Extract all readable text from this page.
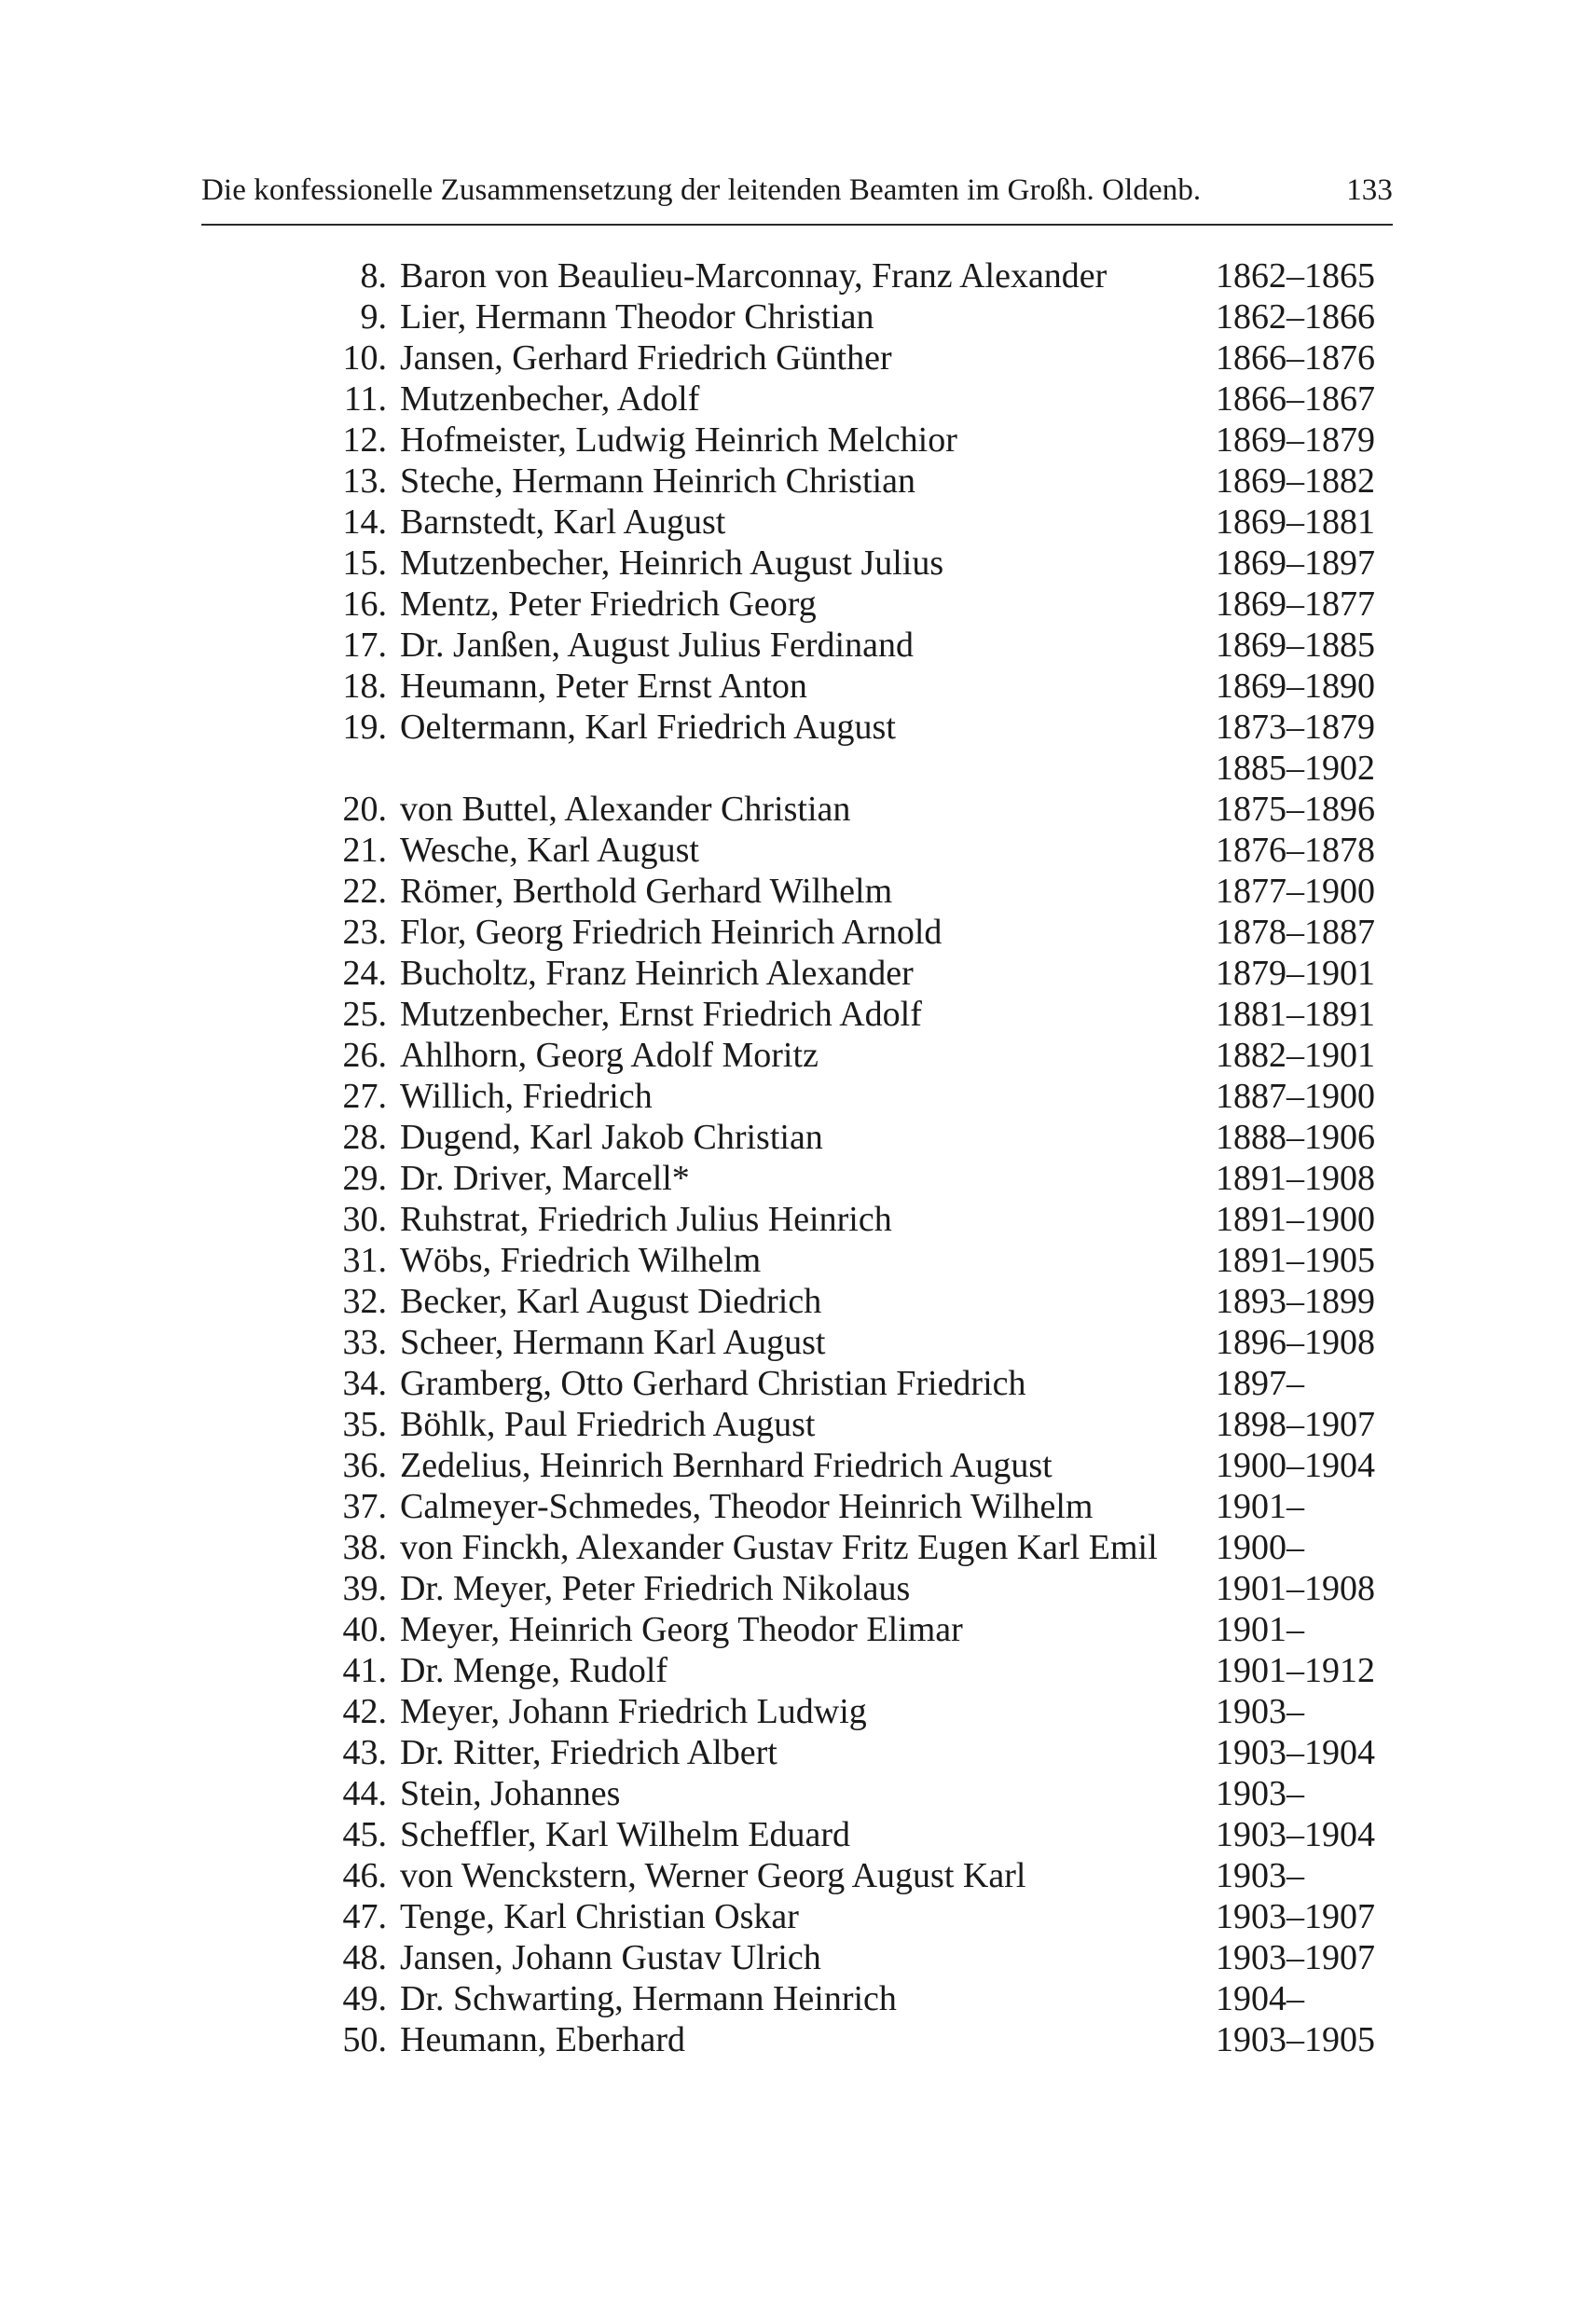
Die konfessionelle Zusammensetzung der leitenden Beamten im Großh. Oldenb.	133
8. Baron von Beaulieu-Marconnay, Franz Alexander	1862–1865
9. Lier, Hermann Theodor Christian	1862–1866
10. Jansen, Gerhard Friedrich Günther	1866–1876
11. Mutzenbecher, Adolf	1866–1867
12. Hofmeister, Ludwig Heinrich Melchior	1869–1879
13. Steche, Hermann Heinrich Christian	1869–1882
14. Barnstedt, Karl August	1869–1881
15. Mutzenbecher, Heinrich August Julius	1869–1897
16. Mentz, Peter Friedrich Georg	1869–1877
17. Dr. Janßen, August Julius Ferdinand	1869–1885
18. Heumann, Peter Ernst Anton	1869–1890
19. Oeltermann, Karl Friedrich August	1873–1879
1885–1902
20. von Buttel, Alexander Christian	1875–1896
21. Wesche, Karl August	1876–1878
22. Römer, Berthold Gerhard Wilhelm	1877–1900
23. Flor, Georg Friedrich Heinrich Arnold	1878–1887
24. Bucholtz, Franz Heinrich Alexander	1879–1901
25. Mutzenbecher, Ernst Friedrich Adolf	1881–1891
26. Ahlhorn, Georg Adolf Moritz	1882–1901
27. Willich, Friedrich	1887–1900
28. Dugend, Karl Jakob Christian	1888–1906
29. Dr. Driver, Marcell*	1891–1908
30. Ruhstrat, Friedrich Julius Heinrich	1891–1900
31. Wöbs, Friedrich Wilhelm	1891–1905
32. Becker, Karl August Diedrich	1893–1899
33. Scheer, Hermann Karl August	1896–1908
34. Gramberg, Otto Gerhard Christian Friedrich	1897–
35. Böhlk, Paul Friedrich August	1898–1907
36. Zedelius, Heinrich Bernhard Friedrich August	1900–1904
37. Calmeyer-Schmedes, Theodor Heinrich Wilhelm	1901–
38. von Finckh, Alexander Gustav Fritz Eugen Karl Emil	1900–
39. Dr. Meyer, Peter Friedrich Nikolaus	1901–1908
40. Meyer, Heinrich Georg Theodor Elimar	1901–
41. Dr. Menge, Rudolf	1901–1912
42. Meyer, Johann Friedrich Ludwig	1903–
43. Dr. Ritter, Friedrich Albert	1903–1904
44. Stein, Johannes	1903–
45. Scheffler, Karl Wilhelm Eduard	1903–1904
46. von Wenckstern, Werner Georg August Karl	1903–
47. Tenge, Karl Christian Oskar	1903–1907
48. Jansen, Johann Gustav Ulrich	1903–1907
49. Dr. Schwarting, Hermann Heinrich	1904–
50. Heumann, Eberhard	1903–1905
